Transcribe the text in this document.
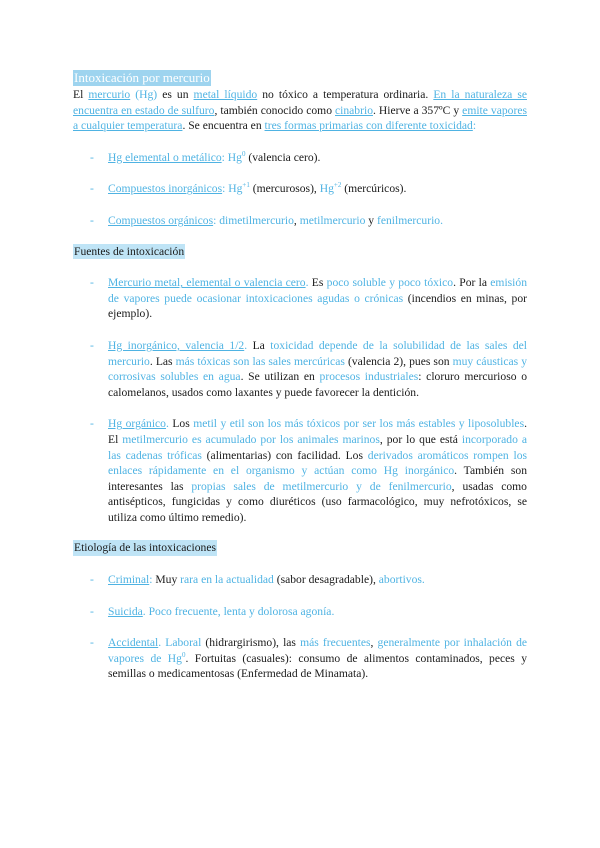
Intoxicación por mercurio

El mercurio (Hg) es un metal líquido no tóxico a temperatura ordinaria. En la naturaleza se encuentra en estado de sulfuro, también conocido como cinabrio. Hierve a 357ºC y emite vapores a cualquier temperatura. Se encuentra en tres formas primarias con diferente toxicidad:

- Hg elemental o metálico: Hg$^0$ (valencia cero).
- Compuestos inorgánicos: $Hg^{+1}$ (mercurosos), $Hg^{+2}$ (mercúricos).
- Compuestos orgánicos: dimetilmercurio, metilmercurio y fenilmercurio.
Fuentes de intoxicación
- Mercurio metal, elemental o valencia cero. Es poco soluble y poco tóxico. Por la emisión de vapores puede ocasionar intoxicaciones agudas o crónicas (incendios en minas, por ejemplo).
- Hg inorgánico, valencia 1/2. La toxicidad depende de la solubilidad de las sales del mercurio. Las más tóxicas son las sales mercúricas (valencia 2), pues son muy cáusticas y corrosivas solubles en agua. Se utilizan en procesos industriales: cloruro mercurioso o calomelanos, usados como laxantes y puede favorecer la dentición.
- Hg orgánico. Los metil y etil son los más tóxicos por ser los más estables y liposolubles. El metilmercurio es acumulado por los animales marinos, por lo que está incorporado a las cadenas tróficas (alimentarias) con facilidad. Los derivados aromáticos rompen los enlaces rápidamente en el organismo y actúan como Hg inorgánico. También son interesantes las propias sales de metilmercurio y de fenilmercurio, usadas como antisépticos, fungicidas y como diuréticos (uso farmacológico, muy nefrotóxicos, se utiliza como último remedio).
Etiología de las intoxicaciones
- Criminal: Muy rara en la actualidad (sabor desagradable), abortivos.
- Suicida. Poco frecuente, lenta y dolorosa agonía.
- Accidental. Laboral (hidrargirismo), las más frecuentes, generalmente por inhalación de vapores de Hg$^0$. Fortuitas (casuales): consumo de alimentos contaminados, peces y semillas o medicamentosas (Enfermedad de Minamata).
